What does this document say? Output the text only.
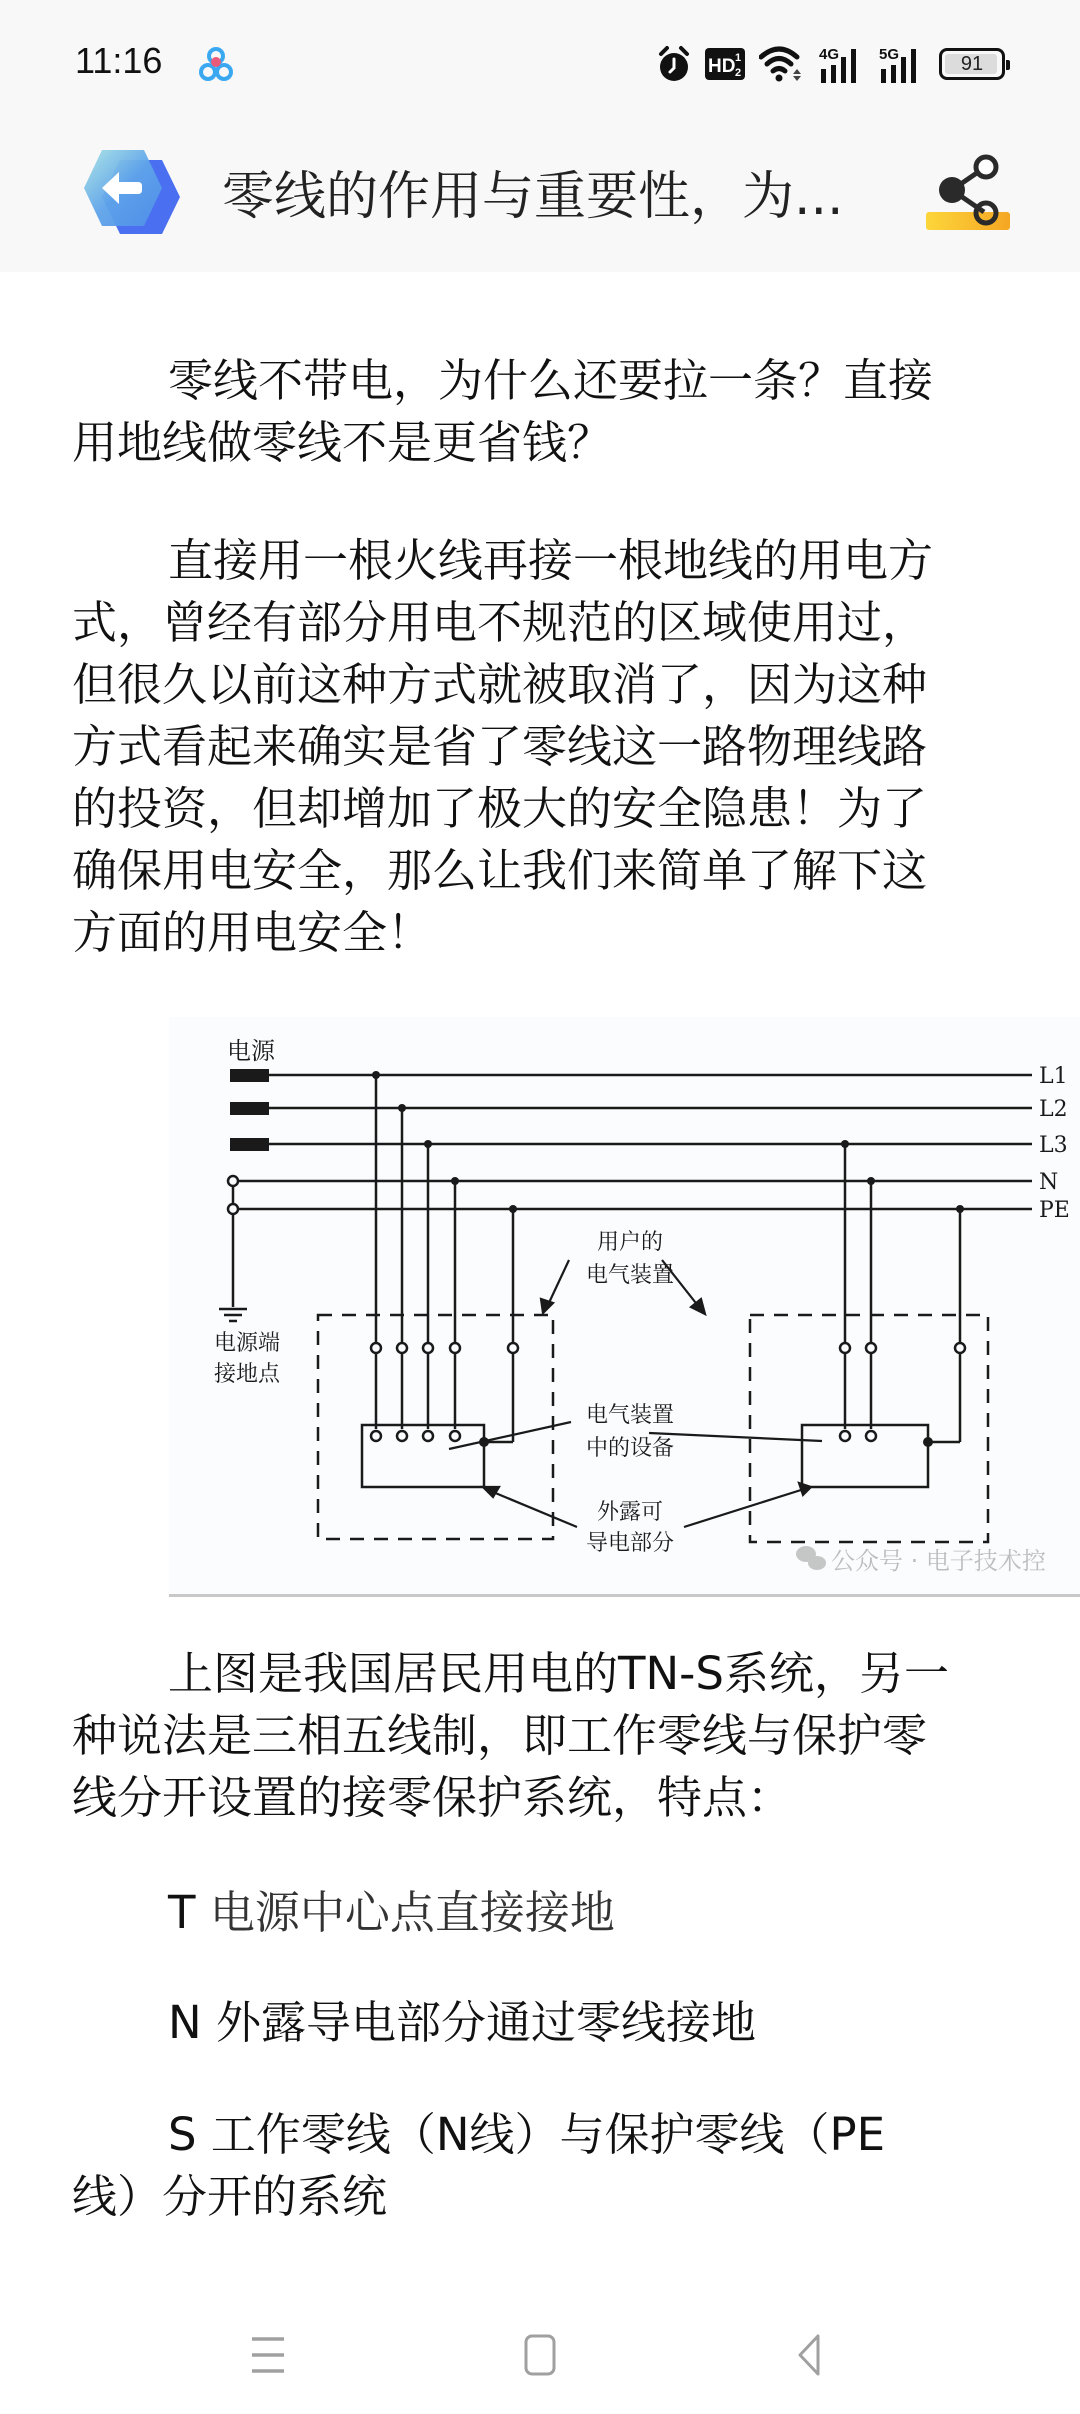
11:16	HD 1
2
4G	5G	91
零线的作用与重要性，为...
零线不带电，为什么还要拉一条？直接
用地线做零线不是更省钱？
直接用一根火线再接一根地线的用电方
式，曾经有部分用电不规范的区域使用过，
但很久以前这种方式就被取消了，因为这种
方式看起来确实是省了零线这一路物理线路
的投资，但却增加了极大的安全隐患！为了
确保用电安全，那么让我们来简单了解下这
方面的用电安全！
电源
L1
L2
L3
N
PE
电源端
接地点
用户的
电气装置
电气装置
中的设备
外露可
导电部分
公众号 · 电子技术控
上图是我国居民用电的TN-S系统，另一
种说法是三相五线制，即工作零线与保护零
线分开设置的接零保护系统，特点：
T 电源中心点直接接地
N 外露导电部分通过零线接地
S 工作零线（N线）与保护零线（PE
线）分开的系统
